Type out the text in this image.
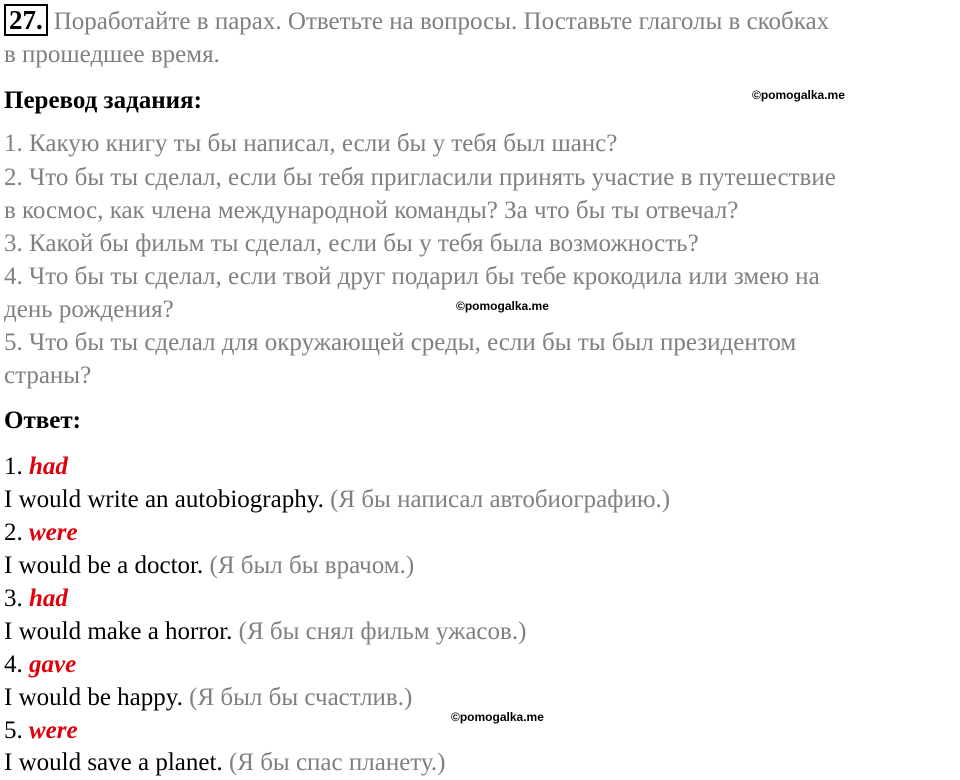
27. Поработайте в парах. Ответьте на вопросы. Поставьте глаголы в скобках
в прошедшее время.
Перевод задания:	©pomogalka.me
1. Какую книгу ты бы написал, если бы у тебя был шанс?
2. Что бы ты сделал, если бы тебя пригласили принять участие в путешествие
в космос, как члена международной команды? За что бы ты отвечал?
3. Какой бы фильм ты сделал, если бы у тебя была возможность?
4. Что бы ты сделал, если твой друг подарил бы тебе крокодила или змею на
день рождения?	©pomogalka.me
5. Что бы ты сделал для окружающей среды, если бы ты был президентом
страны?
Ответ:
1. had
I would write an autobiography. (Я бы написал автобиографию.)
2. were
I would be a doctor. (Я был бы врачом.)
3. had
I would make a horror. (Я бы снял фильм ужасов.)
4. gave
I would be happy. (Я был бы счастлив.)
©pomogalka.me
5. were
I would save a planet. (Я бы спас планету.)
